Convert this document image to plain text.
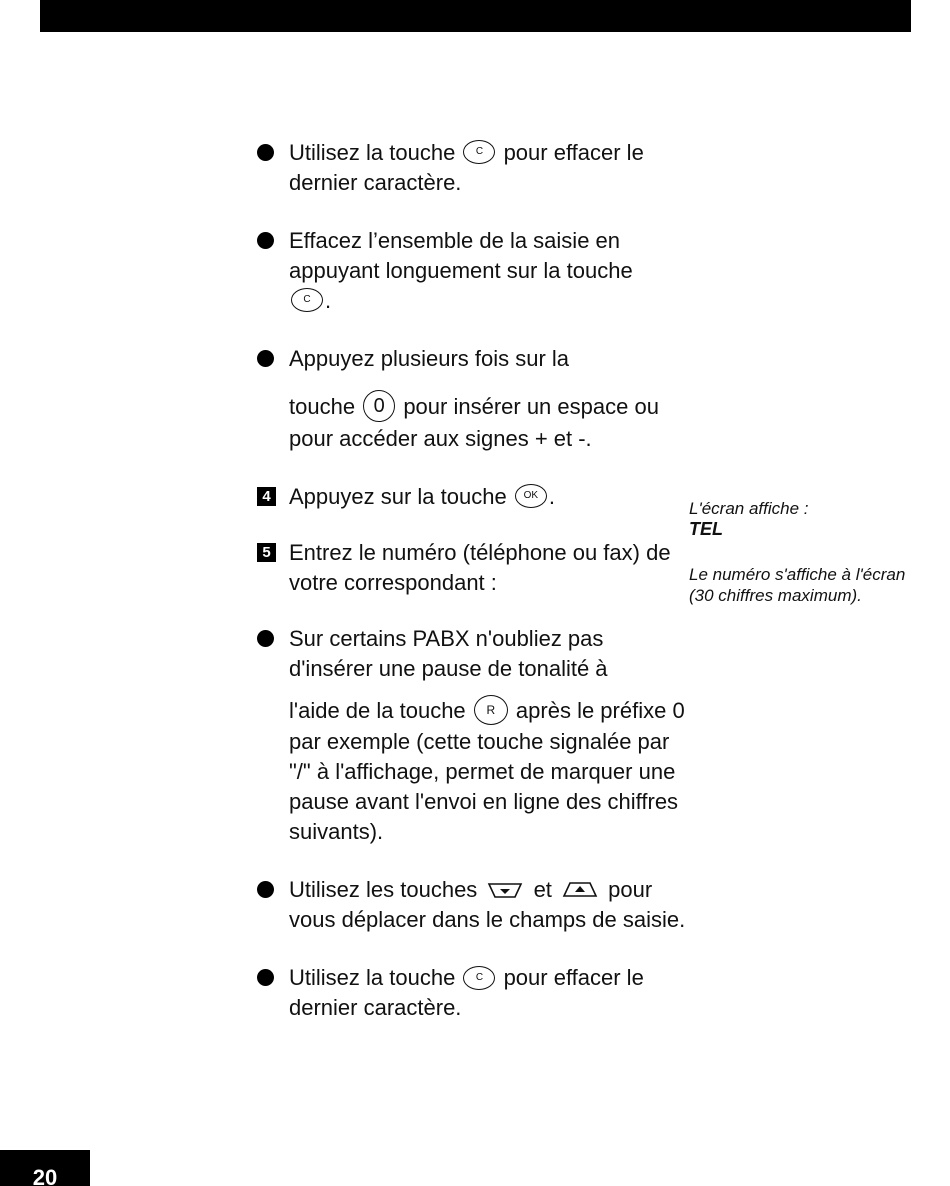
Utilisez la touche C pour effacer le dernier caractère.

Effacez l’ensemble de la saisie en appuyant longuement sur la touche
C .

Appuyez plusieurs fois sur la

touche 0 pour insérer un espace ou pour accéder aux signes + et -.

4 Appuyez sur la touche OK .

5 Entrez le numéro (téléphone ou fax) de votre correspondant :

Sur certains PABX n'oubliez pas d'insérer une pause de tonalité à

l'aide de la touche R après le préfixe 0 par exemple (cette touche signalée par "/" à l'affichage, permet de marquer une pause avant l'envoi en ligne des chiffres suivants).

Utilisez les touches	et	pour vous déplacer dans le champs de saisie.

Utilisez la touche C pour effacer le dernier caractère.

L'écran affiche :

TEL

Le numéro s'affiche à l'écran (30 chiffres maximum).

20
